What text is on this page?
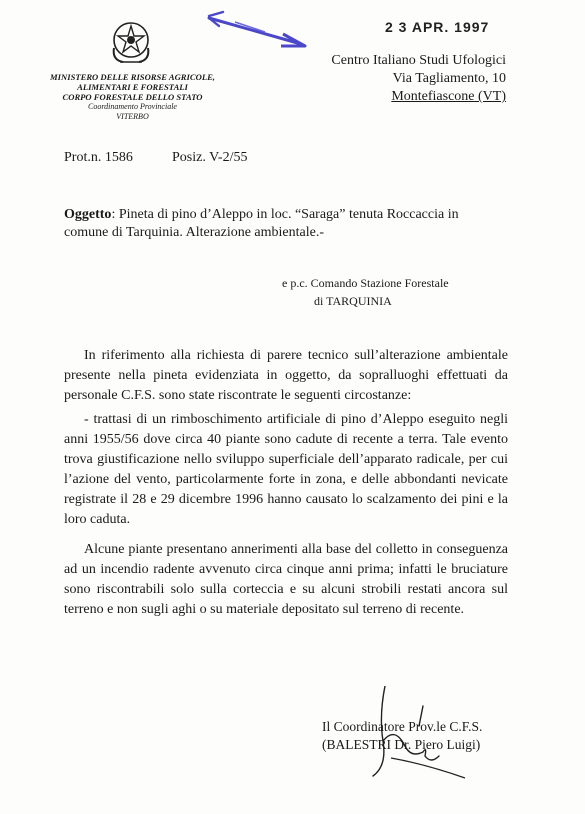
MINISTERO DELLE RISORSE AGRICOLE,
ALIMENTARI E FORESTALI
CORPO FORESTALE DELLO STATO
Coordinamento Provinciale
VITERBO
2 3 APR. 1997
Centro Italiano Studi Ufologici
Via Tagliamento, 10
Montefiascone (VT)
Prot.n. 1586	Posiz. V-2/55
Oggetto: Pineta di pino d’Aleppo in loc. “Saraga” tenuta Roccaccia in comune di Tarquinia. Alterazione ambientale.-
e p.c. Comando Stazione Forestale
di TARQUINIA

In riferimento alla richiesta di parere tecnico sull’alterazione ambientale presente nella pineta evidenziata in oggetto, da sopralluoghi effettuati da personale C.F.S. sono state riscontrate le seguenti circostanze:

- trattasi di un rimboschimento artificiale di pino d’Aleppo eseguito negli anni 1955/56 dove circa 40 piante sono cadute di recente a terra. Tale evento trova giustificazione nello sviluppo superficiale dell’apparato radicale, per cui l’azione del vento, particolarmente forte in zona, e delle abbondanti nevicate registrate il 28 e 29 dicembre 1996 hanno causato lo scalzamento dei pini e la loro caduta.

Alcune piante presentano annerimenti alla base del colletto in conseguenza ad un incendio radente avvenuto circa cinque anni prima; infatti le bruciature sono riscontrabili solo sulla corteccia e su alcuni strobili restati ancora sul terreno e non sugli aghi o su materiale depositato sul terreno di recente.

Il Coordinatore Prov.le C.F.S.
(BALESTRI Dr. Piero Luigi)
